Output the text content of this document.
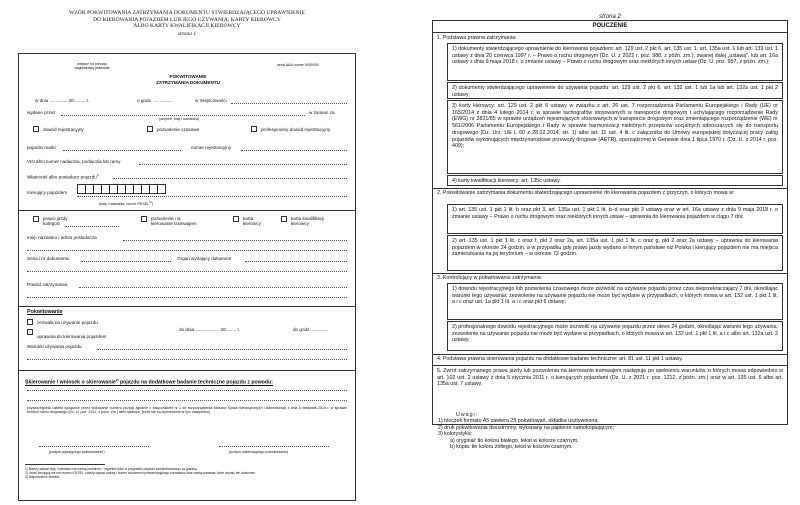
WZÓR POKWITOWANIA ZATRZYMANIA DOKUMENTU STWIERDZAJĄCEGO UPRAWNIENIE
DO KIEROWANIA POJAZDEM LUB JEGO UŻYWANIA, KARTY KIEROWCY
ALBO KARTY KWALIFIKACJI KIEROWCY
strona 1
miejsce na pieczęć
nagłówkową jednostki
seria AAA numer 0000000
POKWITOWANIE
ZATRZYMANIA DOKUMENTU
w dniu .............. 20......... r.	o godz. ...............	w miejscowości
wydane przez	w zamian za
(stopień, imię i nazwisko)
dowód rejestracyjny	pozwolenie czasowe	profesjonalny dowód rejestracyjny
pojazdu marki	numer rejestracyjny
VIN albo numer nadwozia, podwozia lub ramy
Właściciel albo posiadacz pojazdu$^{1)}$
Kierujący pojazdem
(imię i nazwisko, numer PESEL$^{1)}$)
prawo jazdy
kategorii
pozwolenie na
kierowanie tramwajem
karta
kierowcy
karta kwalifikacji
kierowcy
Imię, nazwisko i adres posiadacza
Seria i nr dokumentu	Organ wydający dokument
Powód zatrzymania:
Pokwitowanie
zezwala na używanie pojazdu
uprawnia do kierowania pojazdem
do dnia ................... 20........ r.	do godz. ............
Warunki używania pojazdu:
Skierowanie / wniosek o skierowanie$^{2)}$ pojazdu na dodatkowe badanie techniczne pojazdu z powodu:
(wyszczególnić usterki wyłącznie przez wskazanie numeru pozycji zgodnie z załącznikiem nr 1 do rozporządzenia Ministra Spraw Wewnętrznych i Administracji z dnia 5 listopada 2019 r. w sprawie kontroli ruchu drogowego (Dz. U. poz. 2141, z późn. zm.) albo opisowo, jeżeli nie są wymienione w tym załączniku)
(podpis wydającego pokwitowanie)	(podpis odbierającego pokwitowanie)
1) Należy wpisać imię i nazwisko lub nazwę podmiotu + wypełnić tylko w przypadku pojazdu zarejestrowanego za granicą.
2) Jeżeli kierujący nie ma numeru PESEL, należy wpisać nazwę i numer dokumentu potwierdzającego tożsamość oraz nazwę państwa, które wydało ten dokument.
3) Niepotrzebne skreślić.
strona 2
POUCZENIE
1. Podstawa prawna zatrzymania:
1) dokumenty stwierdzającego uprawnienie do kierowania pojazdem: art. 129 ust. 2 pkt 6, art. 135 ust. 1, art. 135a ust. 1 lub art. 139 ust. 1 ustawy z dnia 20 czerwca 1997 r. – Prawo o ruchu drogowym (Dz. U. z 2022 r. poz. 988, z późn. zm.), zwanej dalej „ustawą”, lub art. 16a ustawy z dnia 9 maja 2018 r. o zmianie ustawy – Prawo o ruchu drogowym oraz niektórych innych ustaw (Dz. U. poz. 957, z późn. zm.);
2) dokumenty stwierdzającego uprawnienie do używania pojazdu: art. 129 ust. 2 pkt 6, art. 132 ust. 1 lub 1a lub art. 132a ust. 1 pkt 2 ustawy;
3) karty kierowcy: art. 129 ust. 2 pkt 6 ustawy w związku z art. 26 ust. 7 rozporządzenia Parlamentu Europejskiego i Rady (UE) nr 165/2014 z dnia 4 lutego 2014 r. w sprawie tachografów stosowanych w transporcie drogowym i uchylającego rozporządzenie Rady (EWG) nr 3821/85 w sprawie urządzeń rejestrujących stosowanych w transporcie drogowym oraz zmieniającego rozporządzenie (WE) nr 561/2006 Parlamentu Europejskiego i Rady w sprawie harmonizacji niektórych przepisów socjalnych odnoszących się do transportu drogowego (Dz. Urz. UE L 60 z 28.02.2014, str. 1) albo art. 11 ust. 4 lit. c załącznika do Umowy europejskiej dotyczącej pracy załóg pojazdów wykonujących międzynarodowe przewozy drogowe (AETR), sporządzonej w Genewie dnia 1 lipca 1970 r. (Dz. U. z 2014 r. poz. 409);
4) karty kwalifikacji kierowcy: art. 135c ustawy.
2. Pokwitowanie zatrzymania dokumentu stwierdzającego uprawnienie do kierowania pojazdem z przyczyn, o których mowa w:
1) art. 135 ust. 1 pkt 1 lit. b oraz pkt 3, art. 135a ust. 1 pkt 1 lit. b–d oraz pkt 3 ustawy oraz w art. 16a ustawy z dnia 9 maja 2018 r. o zmianie ustawy – Prawo o ruchu drogowym oraz niektórych innych ustaw – uprawnia do kierowania pojazdem w ciągu 7 dni;
2) art. 135 ust. 1 pkt 1 lit. c oraz f, pkt 2 oraz 2a, art. 135a ust. 1 pkt 1 lit. c oraz g, pkt 2 oraz 2a ustawy – uprawnia do kierowania pojazdem w okresie 24 godzin, a w przypadku gdy prawo jazdy wydano w innym państwie niż Polska i kierujący pojazdem nie ma miejsca zamieszkania na jej terytorium – w okresie 72 godzin.
3. Kontrolujący w pokwitowaniu zatrzymania:
1) dowodu rejestracyjnego lub pozwolenia czasowego może zezwolić na używanie pojazdu przez czas nieprzekraczający 7 dni, określając warunki tego używania; zezwolenie na używanie pojazdu nie może być wydane w przypadkach, o których mowa w art. 132 ust. 1 pkt 1 lit. a i c oraz ust. 1a pkt 1 lit. a i c oraz pkt 6 ustawy;
2) profesjonalnego dowodu rejestracyjnego może zezwolić na używanie pojazdu przez okres 24 godzin, określając warunki tego używania; zezwolenie na używanie pojazdu nie może być wydane w przypadkach, o których mowa w art. 132 ust. 1 pkt 1 lit. a i c albo art. 132a ust. 2 ustawy.
4. Podstawa prawna skierowania pojazdu na dodatkowe badanie techniczne: art. 81 ust. 11 pkt 1 ustawy.
5. Zwrot zatrzymanego prawa jazdy lub pozwolenia na kierowanie tramwajem następuje po spełnieniu warunków, o których mowa odpowiednio w art. 102 ust. 2 ustawy z dnia 5 stycznia 2011 r. o kierujących pojazdami (Dz. U. z 2021 r. poz. 1212, z późn. zm.) oraz w art. 135 ust. 6 albo art. 135a ust. 7 ustawy.
Uwagi:
1) bloczek formatu A5 zawiera 25 pokwitowań, okładka usztywniona;
2) druk pokwitowania dwustronny, wykonany na papierze samokopiującym;
3) kolorystyka:
a) oryginał: tło koloru białego, tekst w kolorze czarnym,
b) kopia: tło koloru żółtego, tekst w kolorze czarnym.
